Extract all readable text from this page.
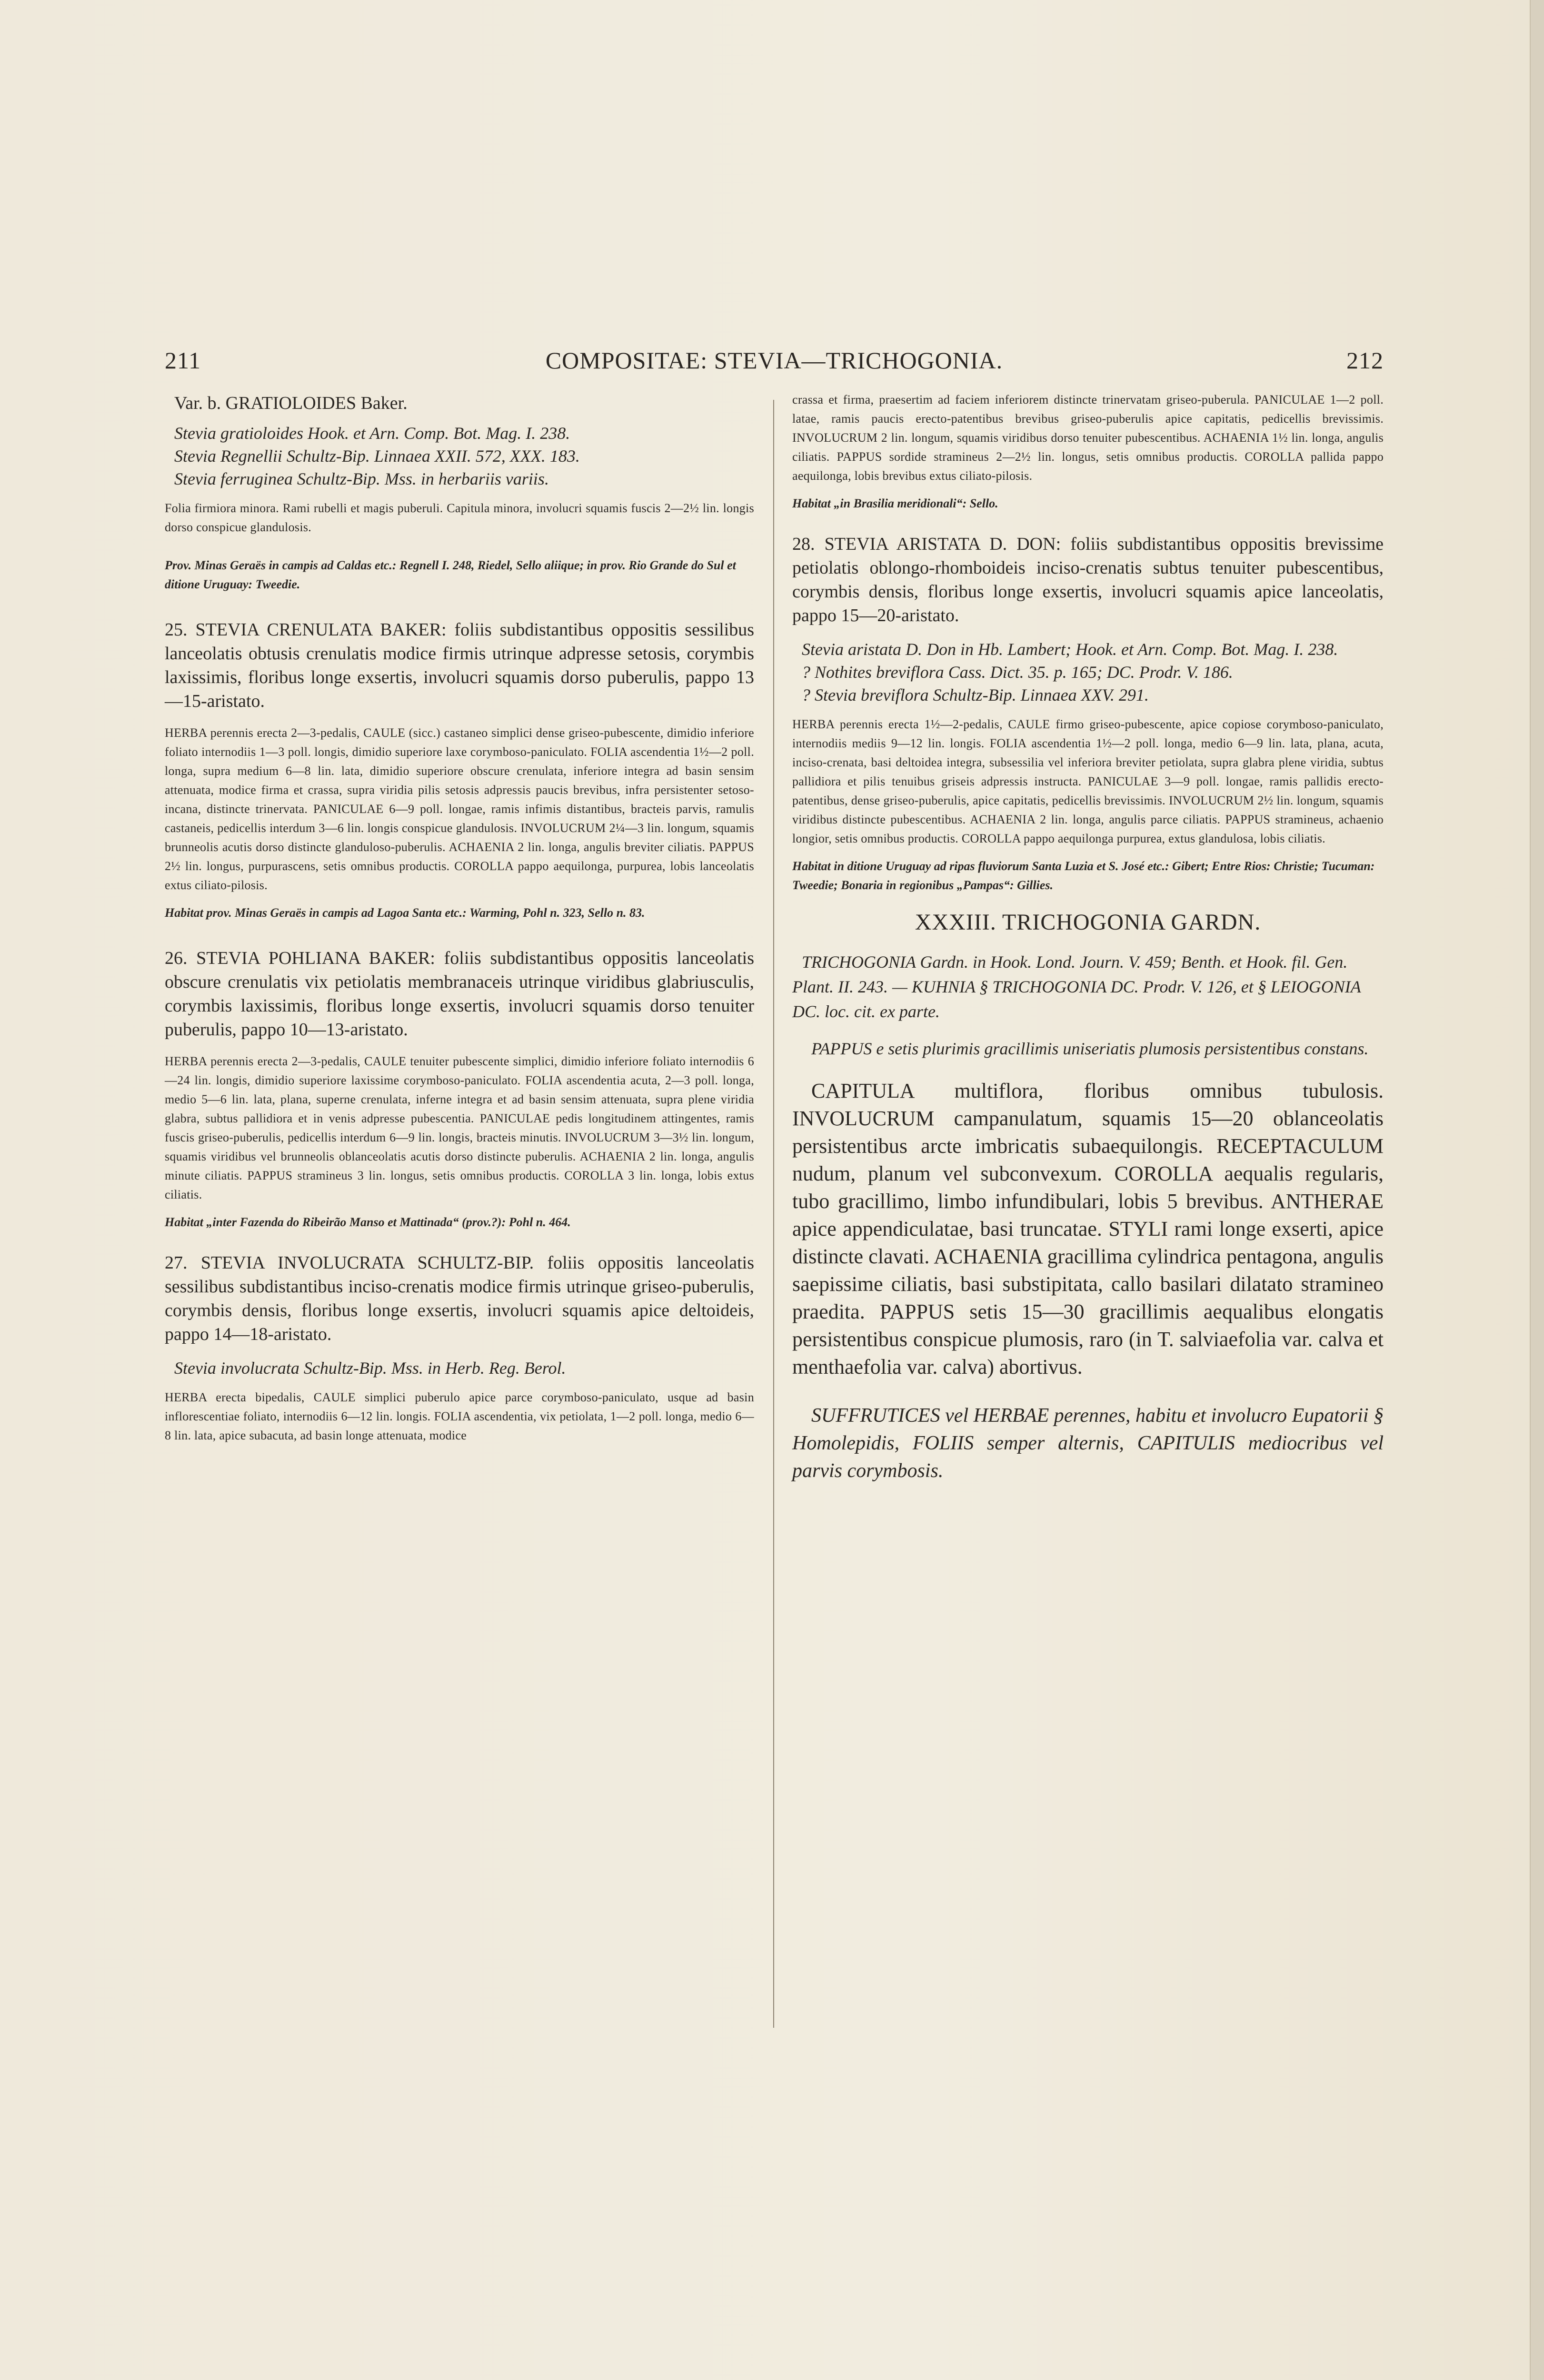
211	COMPOSITAE: STEVIA—TRICHOGONIA.	212
Var. b. GRATIOLOIDES Baker.
Stevia gratioloides Hook. et Arn. Comp. Bot. Mag. I. 238.
Stevia Regnellii Schultz-Bip. Linnaea XXII. 572, XXX. 183.
Stevia ferruginea Schultz-Bip. Mss. in herbariis variis.
Folia firmiora minora. Rami rubelli et magis puberuli. Capitula minora, involucri squamis fuscis 2—2½ lin. longis dorso conspicue glandulosis.
Prov. Minas Geraës in campis ad Caldas etc.: Regnell I. 248, Riedel, Sello aliique; in prov. Rio Grande do Sul et ditione Uruguay: Tweedie.
25. STEVIA CRENULATA BAKER: foliis subdistantibus oppositis sessilibus lanceolatis obtusis crenulatis modice firmis utrinque adpresse setosis, corymbis laxissimis, floribus longe exsertis, involucri squamis dorso puberulis, pappo 13—15-aristato.
HERBA perennis erecta 2—3-pedalis, CAULE (sicc.) castaneo simplici dense griseo-pubescente, dimidio inferiore foliato internodiis 1—3 poll. longis, dimidio superiore laxe corymboso-paniculato. FOLIA ascendentia 1½—2 poll. longa, supra medium 6—8 lin. lata, dimidio superiore obscure crenulata, inferiore integra ad basin sensim attenuata, modice firma et crassa, supra viridia pilis setosis adpressis paucis brevibus, infra persistenter setoso-incana, distincte trinervata. PANICULAE 6—9 poll. longae, ramis infimis distantibus, bracteis parvis, ramulis castaneis, pedicellis interdum 3—6 lin. longis conspicue glandulosis. INVOLUCRUM 2¼—3 lin. longum, squamis brunneolis acutis dorso distincte glanduloso-puberulis. ACHAENIA 2 lin. longa, angulis breviter ciliatis. PAPPUS 2½ lin. longus, purpurascens, setis omnibus productis. COROLLA pappo aequilonga, purpurea, lobis lanceolatis extus ciliato-pilosis.
Habitat prov. Minas Geraës in campis ad Lagoa Santa etc.: Warming, Pohl n. 323, Sello n. 83.
26. STEVIA POHLIANA BAKER: foliis subdistantibus oppositis lanceolatis obscure crenulatis vix petiolatis membranaceis utrinque viridibus glabriusculis, corymbis laxissimis, floribus longe exsertis, involucri squamis dorso tenuiter puberulis, pappo 10—13-aristato.
HERBA perennis erecta 2—3-pedalis, CAULE tenuiter pubescente simplici, dimidio inferiore foliato internodiis 6—24 lin. longis, dimidio superiore laxissime corymboso-paniculato. FOLIA ascendentia acuta, 2—3 poll. longa, medio 5—6 lin. lata, plana, superne crenulata, inferne integra et ad basin sensim attenuata, supra plene viridia glabra, subtus pallidiora et in venis adpresse pubescentia. PANICULAE pedis longitudinem attingentes, ramis fuscis griseo-puberulis, pedicellis interdum 6—9 lin. longis, bracteis minutis. INVOLUCRUM 3—3½ lin. longum, squamis viridibus vel brunneolis oblanceolatis acutis dorso distincte puberulis. ACHAENIA 2 lin. longa, angulis minute ciliatis. PAPPUS stramineus 3 lin. longus, setis omnibus productis. COROLLA 3 lin. longa, lobis extus ciliatis.
Habitat „inter Fazenda do Ribeirão Manso et Mattinada“ (prov.?): Pohl n. 464.
27. STEVIA INVOLUCRATA SCHULTZ-BIP. foliis oppositis lanceolatis sessilibus subdistantibus inciso-crenatis modice firmis utrinque griseo-puberulis, corymbis densis, floribus longe exsertis, involucri squamis apice deltoideis, pappo 14—18-aristato.
Stevia involucrata Schultz-Bip. Mss. in Herb. Reg. Berol.
HERBA erecta bipedalis, CAULE simplici puberulo apice parce corymboso-paniculato, usque ad basin inflorescentiae foliato, internodiis 6—12 lin. longis. FOLIA ascendentia, vix petiolata, 1—2 poll. longa, medio 6—8 lin. lata, apice subacuta, ad basin longe attenuata, modice
crassa et firma, praesertim ad faciem inferiorem distincte trinervatam griseo-puberula. PANICULAE 1—2 poll. latae, ramis paucis erecto-patentibus brevibus griseo-puberulis apice capitatis, pedicellis brevissimis. INVOLUCRUM 2 lin. longum, squamis viridibus dorso tenuiter pubescentibus. ACHAENIA 1½ lin. longa, angulis ciliatis. PAPPUS sordide stramineus 2—2½ lin. longus, setis omnibus productis. COROLLA pallida pappo aequilonga, lobis brevibus extus ciliato-pilosis.
Habitat „in Brasilia meridionali“: Sello.
28. STEVIA ARISTATA D. DON: foliis subdistantibus oppositis brevissime petiolatis oblongo-rhomboideis inciso-crenatis subtus tenuiter pubescentibus, corymbis densis, floribus longe exsertis, involucri squamis apice lanceolatis, pappo 15—20-aristato.
Stevia aristata D. Don in Hb. Lambert; Hook. et Arn. Comp. Bot. Mag. I. 238.
? Nothites breviflora Cass. Dict. 35. p. 165; DC. Prodr. V. 186.
? Stevia breviflora Schultz-Bip. Linnaea XXV. 291.
HERBA perennis erecta 1½—2-pedalis, CAULE firmo griseo-pubescente, apice copiose corymboso-paniculato, internodiis mediis 9—12 lin. longis. FOLIA ascendentia 1½—2 poll. longa, medio 6—9 lin. lata, plana, acuta, inciso-crenata, basi deltoidea integra, subsessilia vel inferiora breviter petiolata, supra glabra plene viridia, subtus pallidiora et pilis tenuibus griseis adpressis instructa. PANICULAE 3—9 poll. longae, ramis pallidis erecto-patentibus, dense griseo-puberulis, apice capitatis, pedicellis brevissimis. INVOLUCRUM 2½ lin. longum, squamis viridibus distincte pubescentibus. ACHAENIA 2 lin. longa, angulis parce ciliatis. PAPPUS stramineus, achaenio longior, setis omnibus productis. COROLLA pappo aequilonga purpurea, extus glandulosa, lobis ciliatis.
Habitat in ditione Uruguay ad ripas fluviorum Santa Luzia et S. José etc.: Gibert; Entre Rios: Christie; Tucuman: Tweedie; Bonaria in regionibus „Pampas“: Gillies.
XXXIII. TRICHOGONIA GARDN.
TRICHOGONIA Gardn. in Hook. Lond. Journ. V. 459; Benth. et Hook. fil. Gen. Plant. II. 243. — KUHNIA § TRICHOGONIA DC. Prodr. V. 126, et § LEIOGONIA DC. loc. cit. ex parte.
PAPPUS e setis plurimis gracillimis uniseriatis plumosis persistentibus constans.
CAPITULA multiflora, floribus omnibus tubulosis. INVOLUCRUM campanulatum, squamis 15—20 oblanceolatis persistentibus arcte imbricatis subaequilongis. RECEPTACULUM nudum, planum vel subconvexum. COROLLA aequalis regularis, tubo gracillimo, limbo infundibulari, lobis 5 brevibus. ANTHERAE apice appendiculatae, basi truncatae. STYLI rami longe exserti, apice distincte clavati. ACHAENIA gracillima cylindrica pentagona, angulis saepissime ciliatis, basi substipitata, callo basilari dilatato stramineo praedita. PAPPUS setis 15—30 gracillimis aequalibus elongatis persistentibus conspicue plumosis, raro (in T. salviaefolia var. calva et menthaefolia var. calva) abortivus.
SUFFRUTICES vel HERBAE perennes, habitu et involucro Eupatorii § Homolepidis, FOLIIS semper alternis, CAPITULIS mediocribus vel parvis corymbosis.
